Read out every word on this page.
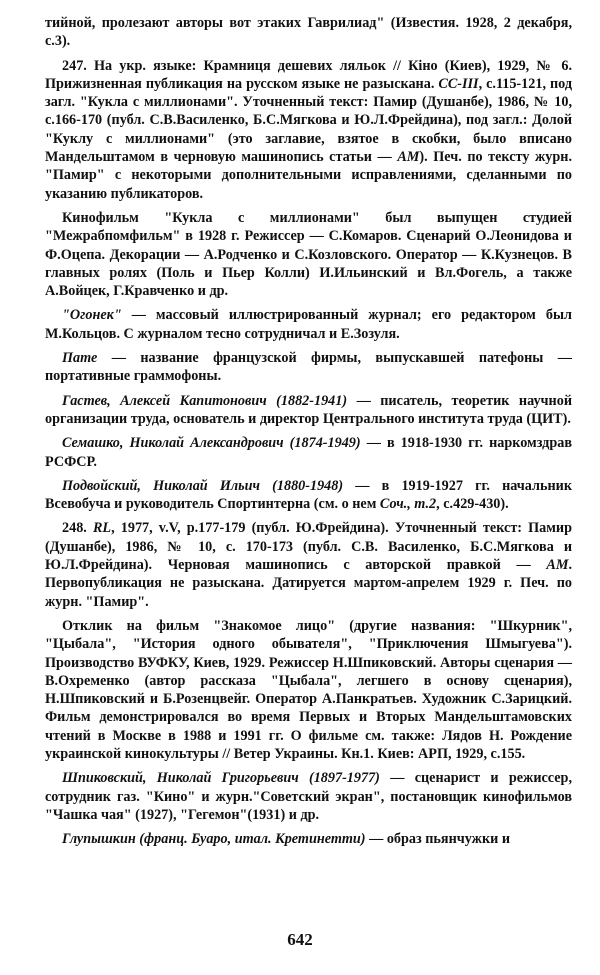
тийной, пролезают авторы вот этаких Гаврилиад" (Известия. 1928, 2 декабря, с.3).

247. На укр. языке: Крамниця дешевих ляльок // Кіно (Киев), 1929, № 6. Прижизненная публикация на русском языке не разыскана. СС-III, с.115-121, под загл. "Кукла с миллионами". Уточненный текст: Памир (Душанбе), 1986, № 10, с.166-170 (публ. С.В.Василенко, Б.С.Мягкова и Ю.Л.Фрейдина), под загл.: Долой "Куклу с миллионами" (это заглавие, взятое в скобки, было вписано Мандельштамом в черновую машинопись статьи — AM). Печ. по тексту журн. "Памир" с некоторыми дополнительными исправлениями, сделанными по указанию публикаторов.

Кинофильм "Кукла с миллионами" был выпущен студией "Межрабпомфильм" в 1928 г. Режиссер — С.Комаров. Сценарий О.Леонидова и Ф.Оцепа. Декорации — А.Родченко и С.Козловского. Оператор — К.Кузнецов. В главных ролях (Поль и Пьер Колли) И.Ильинский и Вл.Фогель, а также А.Войцек, Г.Кравченко и др.

"Огонек" — массовый иллюстрированный журнал; его редактором был М.Кольцов. С журналом тесно сотрудничал и Е.Зозуля.

Пате — название французской фирмы, выпускавшей патефоны — портативные граммофоны.

Гастев, Алексей Капитонович (1882-1941) — писатель, теоретик научной организации труда, основатель и директор Центрального института труда (ЦИТ).

Семашко, Николай Александрович (1874-1949) — в 1918-1930 гг. наркомздрав РСФСР.

Подвойский, Николай Ильич (1880-1948) — в 1919-1927 гг. начальник Всевобуча и руководитель Спортинтерна (см. о нем Соч., т.2, с.429-430).

248. RL, 1977, v.V, p.177-179 (публ. Ю.Фрейдина). Уточненный текст: Памир (Душанбе), 1986, № 10, с. 170-173 (публ. С.В. Василенко, Б.С.Мягкова и Ю.Л.Фрейдина). Черновая машинопись с авторской правкой — AM. Первопубликация не разыскана. Датируется мартом-апрелем 1929 г. Печ. по журн. "Памир".

Отклик на фильм "Знакомое лицо" (другие названия: "Шкурник", "Цыбала", "История одного обывателя", "Приключения Шмыгуева"). Производство ВУФКУ, Киев, 1929. Режиссер Н.Шпиковский. Авторы сценария — В.Охременко (автор рассказа "Цыбала", легшего в основу сценария), Н.Шпиковский и Б.Розенцвейг. Оператор А.Панкратьев. Художник С.Зарицкий. Фильм демонстрировался во время Первых и Вторых Мандельштамовских чтений в Москве в 1988 и 1991 гг. О фильме см. также: Лядов Н. Рождение украинской кинокультуры // Ветер Украины. Кн.1. Киев: АРП, 1929, с.155.

Шпиковский, Николай Григорьевич (1897-1977) — сценарист и режиссер, сотрудник газ. "Кино" и журн."Советский экран", постановщик кинофильмов "Чашка чая" (1927), "Гегемон"(1931) и др.

Глупышкин (франц. Буаро, итал. Кретинетти) — образ пьянчужки и

642
